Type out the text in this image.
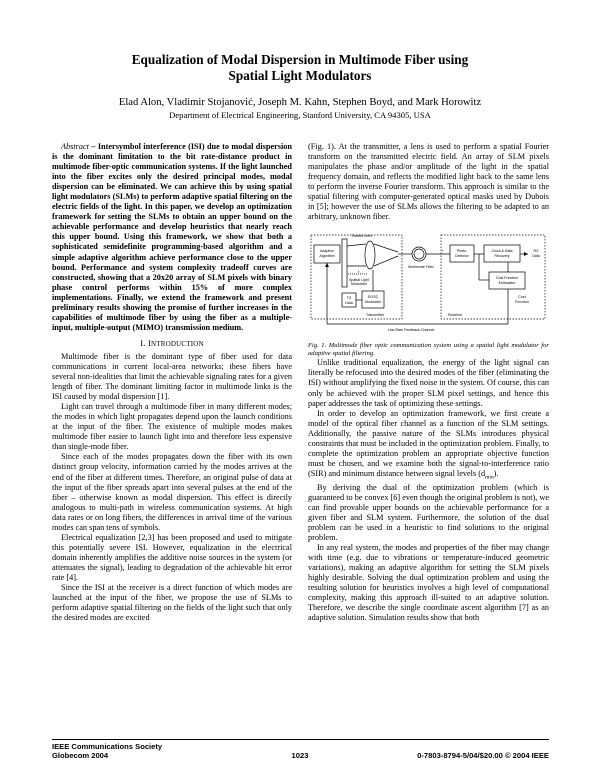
Equalization of Modal Dispersion in Multimode Fiber using
Spatial Light Modulators
Elad Alon, Vladimir Stojanović, Joseph M. Kahn, Stephen Boyd, and Mark Horowitz
Department of Electrical Engineering, Stanford University, CA 94305, USA

Abstract – Intersymbol interference (ISI) due to modal dispersion is the dominant limitation to the bit rate-distance product in multimode fiber-optic communication systems. If the light launched into the fiber excites only the desired principal modes, modal dispersion can be eliminated. We can achieve this by using spatial light modulators (SLMs) to perform adaptive spatial filtering on the electric fields of the light. In this paper, we develop an optimization framework for setting the SLMs to obtain an upper bound on the achievable performance and develop heuristics that nearly reach this upper bound. Using this framework, we show that both a sophisticated semidefinite programming-based algorithm and a simple adaptive algorithm achieve performance close to the upper bound. Performance and system complexity tradeoff curves are constructed, showing that a 20x20 array of SLM pixels with binary phase control performs within 15% of more complex implementations. Finally, we extend the framework and present preliminary results showing the promise of further increases in the capabilities of multimode fiber by using the fiber as a multiple-input, multiple-output (MIMO) transmission medium.

I. INTRODUCTION

Multimode fiber is the dominant type of fiber used for data communications in current local-area networks; these fibers have several non-idealities that limit the achievable signaling rates for a given length of fiber. The dominant limiting factor in multimode links is the ISI caused by modal dispersion [1].

Light can travel through a multimode fiber in many different modes; the modes in which light propagates depend upon the launch conditions at the input of the fiber. The existence of multiple modes makes multimode fiber easier to launch light into and therefore less expensive than single-mode fiber.

Since each of the modes propagates down the fiber with its own distinct group velocity, information carried by the modes arrives at the end of the fiber at different times. Therefore, an original pulse of data at the input of the fiber spreads apart into several pulses at the end of the fiber – otherwise known as modal dispersion. This effect is directly analogous to multi-path in wireless communication systems. At high data rates or on long fibers, the differences in arrival time of the various modes can span tens of symbols.

Electrical equalization [2,3] has been proposed and used to mitigate this potentially severe ISI. However, equalization in the electrical domain inherently amplifies the additive noise sources in the system (or attenuates the signal), leading to degradation of the achievable bit error rate [4].

Since the ISI at the receiver is a direct function of which modes are launched at the input of the fiber, we propose the use of SLMs to perform adaptive spatial filtering on the fields of the light such that only the desired modes are excited

(Fig. 1). At the transmitter, a lens is used to perform a spatial Fourier transform on the transmitted electric field. An array of SLM pixels manipulates the phase and/or amplitude of the light in the spatial frequency domain, and reflects the modified light back to the same lens to perform the inverse Fourier transform. This approach is similar to the spatial filtering with computer-generated optical masks used by Dubois in [5]; however the use of SLMs allows the filtering to be adapted to an arbitrary, unknown fiber.

Adaptive
Algorithm
Fourier Lens
Spatial Light
Modulator
f
TX
Data
DOSC
Modulator
Multimode Fiber
i	Photo-
Detector
Clock & Data
Recovery
RX
Data
Cost Function
Estimation
Cost
Function
Transmitter	Receiver
Low-Rate Feedback Channel
Fig. 1. Multimode fiber optic communication system using a spatial light modulator for adaptive spatial filtering.

Unlike traditional equalization, the energy of the light signal can literally be refocused into the desired modes of the fiber (eliminating the ISI) without amplifying the fixed noise in the system. Of course, this can only be achieved with the proper SLM pixel settings, and hence this paper addresses the task of optimizing these settings.

In order to develop an optimization framework, we first create a model of the optical fiber channel as a function of the SLM settings. Additionally, the passive nature of the SLMs introduces physical constraints that must be included in the optimization problem. Finally, to complete the optimization problem an appropriate objective function must be chosen, and we examine both the signal-to-interference ratio (SIR) and minimum distance between signal levels $(d_{min})$.

By deriving the dual of the optimization problem (which is guaranteed to be convex [6] even though the original problem is not), we can find provable upper bounds on the achievable performance for a given fiber and SLM system. Furthermore, the solution of the dual problem can be used in a heuristic to find solutions to the original problem.

In any real system, the modes and properties of the fiber may change with time (e.g. due to vibrations or temperature-induced geometric variations), making an adaptive algorithm for setting the SLM pixels highly desirable. Solving the dual optimization problem and using the resulting solution for heuristics involves a high level of computational complexity, making this approach ill-suited to an adaptive solution. Therefore, we describe the single coordinate ascent algorithm [7] as an adaptive solution. Simulation results show that both

IEEE Communications Society
Globecom 2004	1023	0-7803-8794-5/04/$20.00 © 2004 IEEE
